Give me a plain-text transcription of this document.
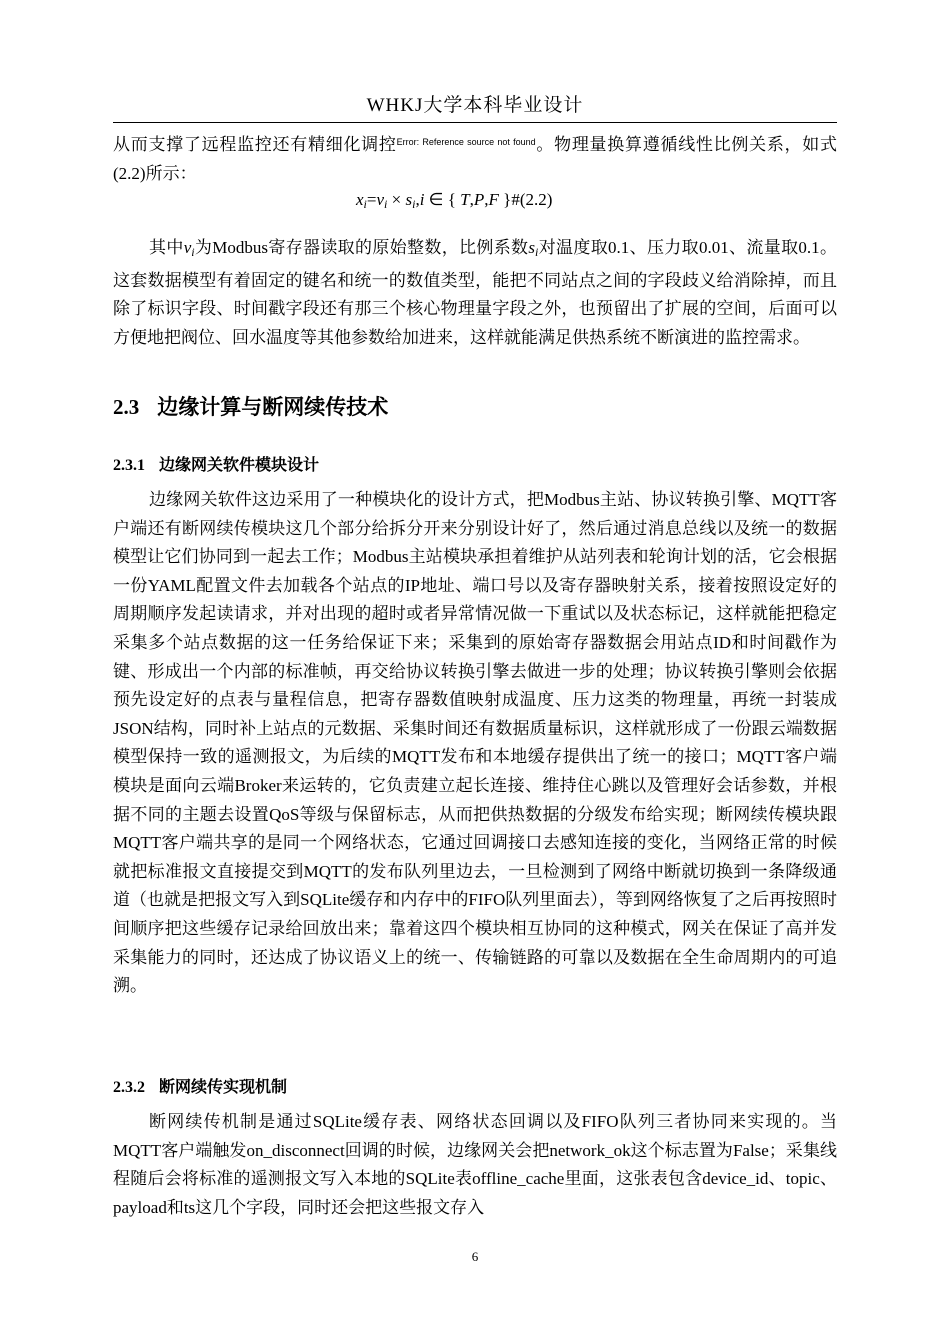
WHKJ大学本科毕业设计

从而支撑了远程监控还有精细化调控$^{Error: Reference source not found}$。物理量换算遵循线性比例关系，如式(2.2)所示：

xi=vi × si,i ∈ { T,P,F }#(2.2)

其中vi为Modbus寄存器读取的原始整数，比例系数si对温度取0.1、压力取0.01、流量取0.1。这套数据模型有着固定的键名和统一的数值类型，能把不同站点之间的字段歧义给消除掉，而且除了标识字段、时间戳字段还有那三个核心物理量字段之外，也预留出了扩展的空间，后面可以方便地把阀位、回水温度等其他参数给加进来，这样就能满足供热系统不断演进的监控需求。

2.3 边缘计算与断网续传技术
2.3.1 边缘网关软件模块设计

边缘网关软件这边采用了一种模块化的设计方式，把Modbus主站、协议转换引擎、MQTT客户端还有断网续传模块这几个部分给拆分开来分别设计好了，然后通过消息总线以及统一的数据模型让它们协同到一起去工作；Modbus主站模块承担着维护从站列表和轮询计划的活，它会根据一份YAML配置文件去加载各个站点的IP地址、端口号以及寄存器映射关系，接着按照设定好的周期顺序发起读请求，并对出现的超时或者异常情况做一下重试以及状态标记，这样就能把稳定采集多个站点数据的这一任务给保证下来；采集到的原始寄存器数据会用站点ID和时间戳作为键、形成出一个内部的标准帧，再交给协议转换引擎去做进一步的处理；协议转换引擎则会依据预先设定好的点表与量程信息，把寄存器数值映射成温度、压力这类的物理量，再统一封装成JSON结构，同时补上站点的元数据、采集时间还有数据质量标识，这样就形成了一份跟云端数据模型保持一致的遥测报文，为后续的MQTT发布和本地缓存提供出了统一的接口；MQTT客户端模块是面向云端Broker来运转的，它负责建立起长连接、维持住心跳以及管理好会话参数，并根据不同的主题去设置QoS等级与保留标志，从而把供热数据的分级发布给实现；断网续传模块跟MQTT客户端共享的是同一个网络状态，它通过回调接口去感知连接的变化，当网络正常的时候就把标准报文直接提交到MQTT的发布队列里边去，一旦检测到了网络中断就切换到一条降级通道（也就是把报文写入到SQLite缓存和内存中的FIFO队列里面去），等到网络恢复了之后再按照时间顺序把这些缓存记录给回放出来；靠着这四个模块相互协同的这种模式，网关在保证了高并发采集能力的同时，还达成了协议语义上的统一、传输链路的可靠以及数据在全生命周期内的可追溯。

2.3.2 断网续传实现机制

断网续传机制是通过SQLite缓存表、网络状态回调以及FIFO队列三者协同来实现的。当MQTT客户端触发on_disconnect回调的时候，边缘网关会把network_ok这个标志置为False；采集线程随后会将标准的遥测报文写入本地的SQLite表offline_cache里面，这张表包含device_id、topic、payload和ts这几个字段，同时还会把这些报文存入

6
